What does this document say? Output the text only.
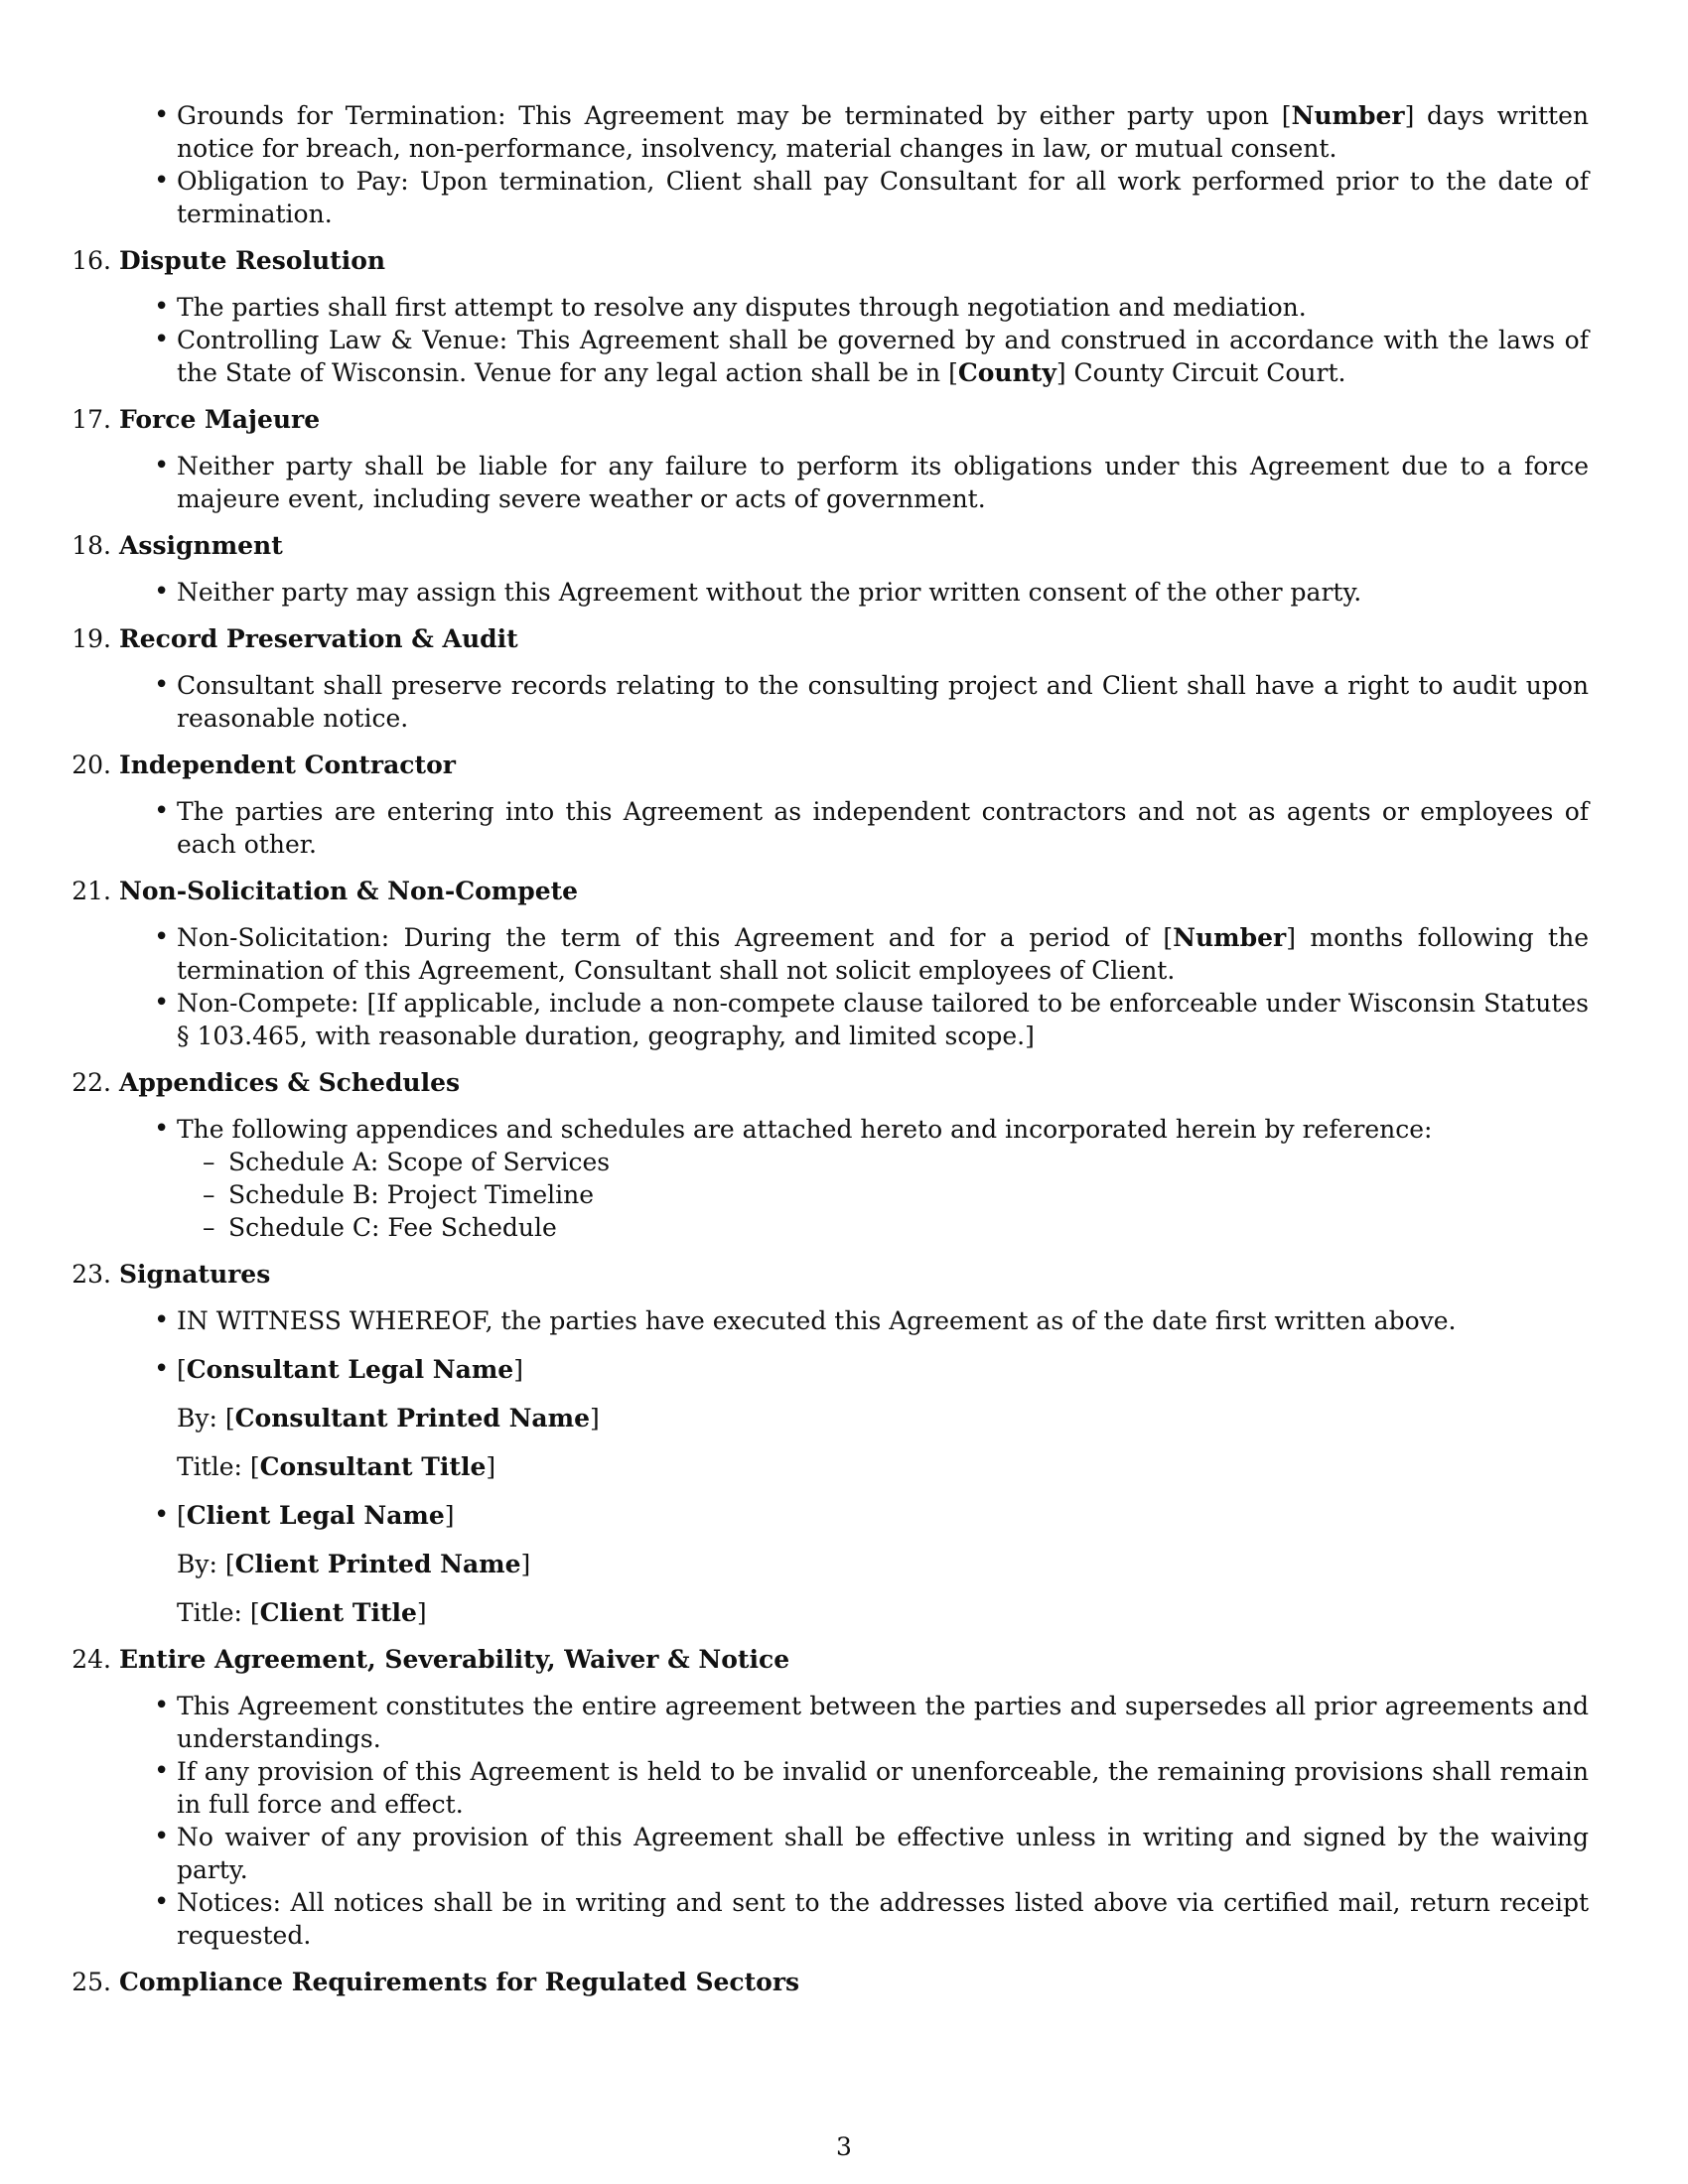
• Grounds for Termination: This Agreement may be terminated by either party upon [Number] days written notice for breach, non-performance, insolvency, material changes in law, or mutual consent.
• Obligation to Pay: Upon termination, Client shall pay Consultant for all work performed prior to the date of termination.
16. Dispute Resolution
• The parties shall first attempt to resolve any disputes through negotiation and mediation.
• Controlling Law & Venue: This Agreement shall be governed by and construed in accordance with the laws of the State of Wisconsin. Venue for any legal action shall be in [County] County Circuit Court.
17. Force Majeure
• Neither party shall be liable for any failure to perform its obligations under this Agreement due to a force majeure event, including severe weather or acts of government.
18. Assignment
• Neither party may assign this Agreement without the prior written consent of the other party.
19. Record Preservation & Audit
• Consultant shall preserve records relating to the consulting project and Client shall have a right to audit upon reasonable notice.
20. Independent Contractor
• The parties are entering into this Agreement as independent contractors and not as agents or employees of each other.
21. Non-Solicitation & Non-Compete
• Non-Solicitation: During the term of this Agreement and for a period of [Number] months following the termination of this Agreement, Consultant shall not solicit employees of Client.
• Non-Compete: [If applicable, include a non-compete clause tailored to be enforceable under Wisconsin Statutes § 103.465, with reasonable duration, geography, and limited scope.]
22. Appendices & Schedules
• The following appendices and schedules are attached hereto and incorporated herein by reference:
– Schedule A: Scope of Services
– Schedule B: Project Timeline
– Schedule C: Fee Schedule
23. Signatures
• IN WITNESS WHEREOF, the parties have executed this Agreement as of the date first written above.
• [Consultant Legal Name]
By: [Consultant Printed Name]
Title: [Consultant Title]
• [Client Legal Name]
By: [Client Printed Name]
Title: [Client Title]
24. Entire Agreement, Severability, Waiver & Notice
• This Agreement constitutes the entire agreement between the parties and supersedes all prior agreements and understandings.
• If any provision of this Agreement is held to be invalid or unenforceable, the remaining provisions shall remain in full force and effect.
• No waiver of any provision of this Agreement shall be effective unless in writing and signed by the waiving party.
• Notices: All notices shall be in writing and sent to the addresses listed above via certified mail, return receipt requested.
25. Compliance Requirements for Regulated Sectors
3
